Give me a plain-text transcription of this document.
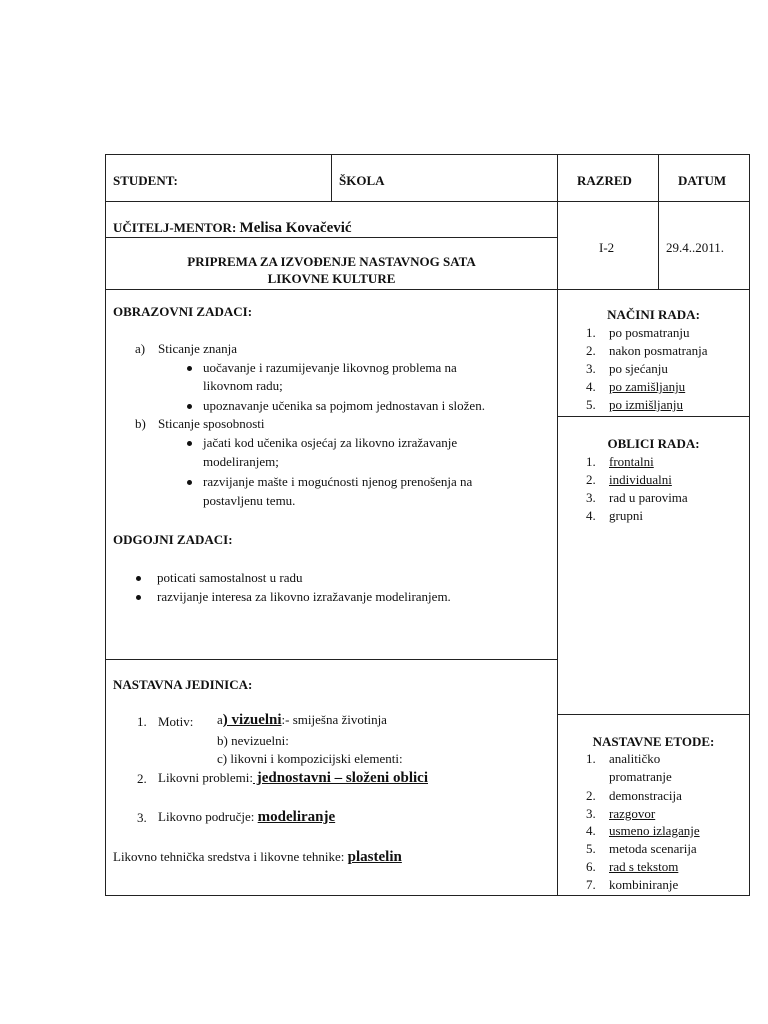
STUDENT:	ŠKOLA	RAZRED	DATUM
UČITELJ-MENTOR: Melisa Kovačević
PRIPREMA ZA IZVOĐENJE NASTAVNOG SATA
LIKOVNE KULTURE
I-2	29.4..2011.
OBRAZOVNI ZADACI:
a) Sticanje znanja
uočavanje i razumijevanje likovnog problema na
likovnom radu;
upoznavanje učenika sa pojmom jednostavan i složen.
b) Sticanje sposobnosti
jačati kod učenika osjećaj za likovno izražavanje
modeliranjem;
razvijanje mašte i mogućnosti njenog prenošenja na
postavljenu temu.
ODGOJNI ZADACI:
poticati samostalnost u radu
razvijanje interesa za likovno izražavanje modeliranjem.
NASTAVNA JEDINICA:
1. Motiv: a) vizuelni:- smiješna životinja
b) nevizuelni:
c) likovni i kompozicijski elementi:
2. Likovni problemi: jednostavni – složeni oblici
3. Likovno područje: modeliranje
Likovno tehnička sredstva i likovne tehnike: plastelin
NAČINI RADA:
1. po posmatranju
2. nakon posmatranja
3. po sjećanju
4. po zamišljanju
5. po izmišljanju
OBLICI RADA:
1. frontalni
2. individualni
3. rad u parovima
4. grupni
NASTAVNE ETODE:
1. analitičko
promatranje
2. demonstracija
3. razgovor
4. usmeno izlaganje
5. metoda scenarija
6. rad s tekstom
7. kombiniranje
